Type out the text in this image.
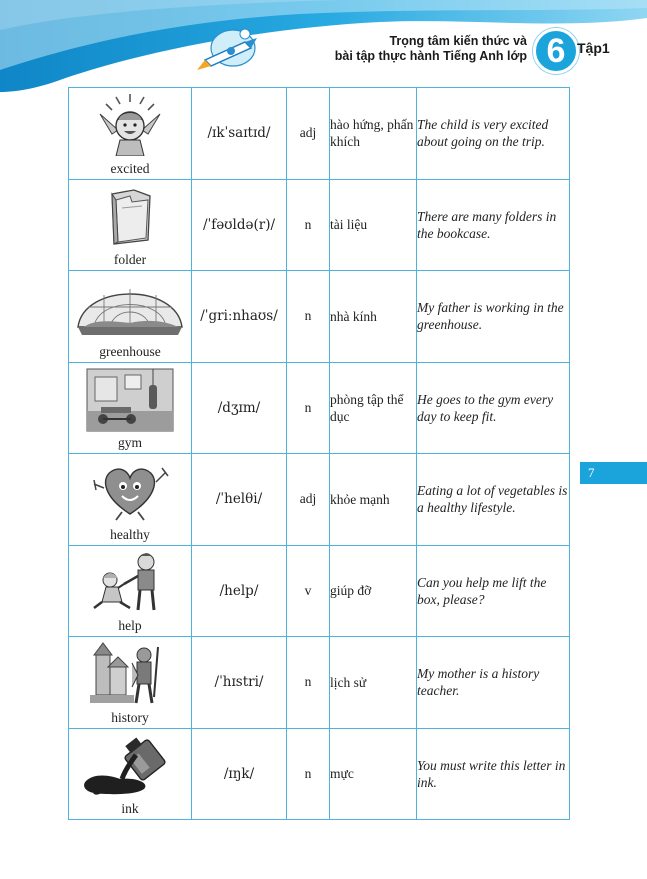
Trọng tâm kiến thức và
bài tập thực hành Tiếng Anh lớp 6 Tập1
7
excited	/ɪkˈsaɪtɪd/	adj	hào hứng, phấn khích	The child is very excited about going on the trip.

folder	/ˈfəʊldə(r)/	n	tài liệu	There are many folders in the bookcase.

greenhouse	/ˈgriːnhaʊs/	n	nhà kính	My father is working in the greenhouse.

gym	/dʒɪm/	n	phòng tập thể dục	He goes to the gym every day to keep fit.

healthy	/ˈhelθi/	adj	khỏe mạnh	Eating a lot of vegetables is a healthy lifestyle.

help	/help/	v	giúp đỡ	Can you help me lift the box, please?

history	/ˈhɪstri/	n	lịch sử	My mother is a history teacher.

ink	/ɪŋk/	n	mực	You must write this letter in ink.
